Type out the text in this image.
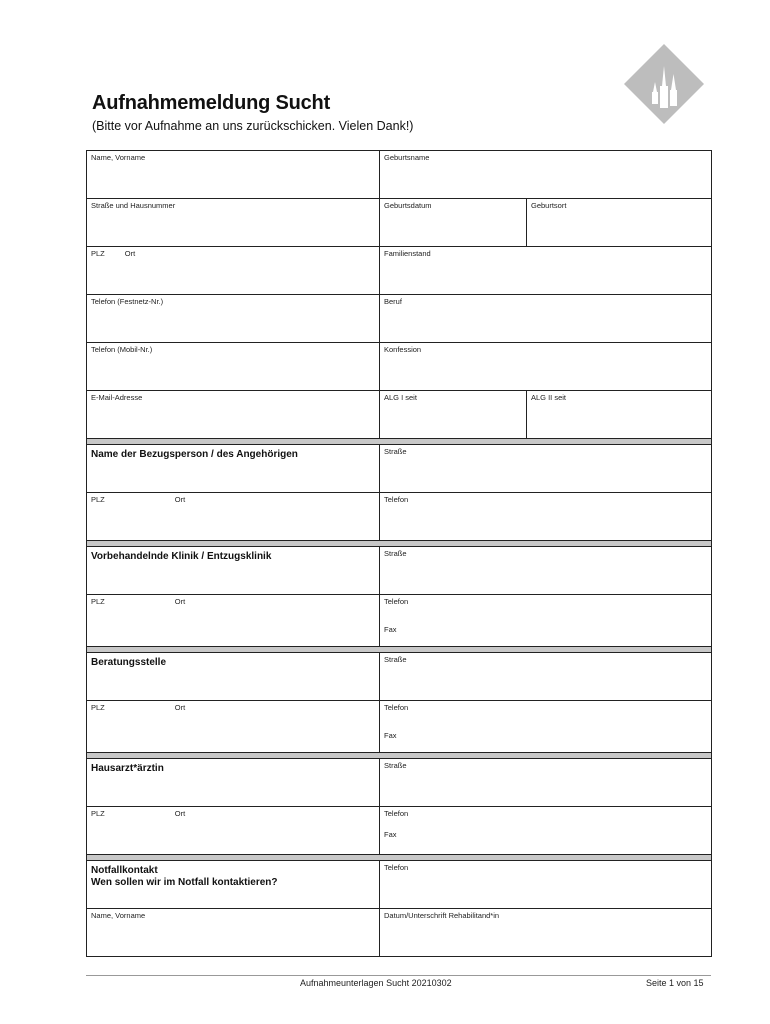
Aufnahmemeldung Sucht
(Bitte vor Aufnahme an uns zurückschicken. Vielen Dank!)
Name, Vorname	Geburtsname	
Straße und Hausnummer	Geburtsdatum	Geburtsort
PLZ Ort	Familienstand	
Telefon (Festnetz-Nr.)	Beruf	
Telefon (Mobil-Nr.)	Konfession	
E-Mail-Adresse	ALG I seit	ALG II seit

Name der Bezugsperson / des Angehörigen	Straße	
PLZ Ort	Telefon	

Vorbehandelnde Klinik / Entzugsklinik	Straße	
PLZ Ort	Telefon
Fax	

Beratungsstelle	Straße	
PLZ Ort	Telefon
Fax	

Hausarzt*ärztin	Straße	
PLZ Ort	Telefon
Fax	

Notfallkontakt
Wen sollen wir im Notfall kontaktieren?	Telefon	
Name, Vorname	Datum/Unterschrift Rehabilitand*in	
Aufnahmeunterlagen Sucht 20210302	Seite 1 von 15
